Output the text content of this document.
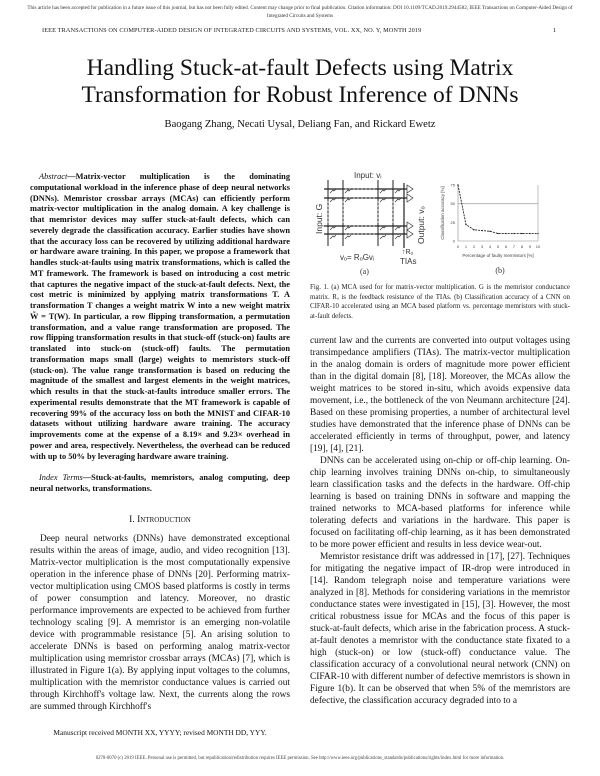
This article has been accepted for publication in a future issue of this journal, but has not been fully edited. Content may change prior to final publication. Citation information: DOI 10.1109/TCAD.2019.2944582, IEEE Transactions on Computer-Aided Design of Integrated Circuits and Systems
IEEE TRANSACTIONS ON COMPUTER-AIDED DESIGN OF INTEGRATED CIRCUITS AND SYSTEMS, VOL. XX, NO. Y, MONTH 2019	1
Handling Stuck-at-fault Defects using Matrix Transformation for Robust Inference of DNNs
Baogang Zhang, Necati Uysal, Deliang Fan, and Rickard Ewetz

Abstract—Matrix-vector multiplication is the dominating computational workload in the inference phase of deep neural networks (DNNs). Memristor crossbar arrays (MCAs) can efficiently perform matrix-vector multiplication in the analog domain. A key challenge is that memristor devices may suffer stuck-at-fault defects, which can severely degrade the classification accuracy. Earlier studies have shown that the accuracy loss can be recovered by utilizing additional hardware or hardware aware training. In this paper, we propose a framework that handles stuck-at-faults using matrix transformations, which is called the MT framework. The framework is based on introducing a cost metric that captures the negative impact of the stuck-at-fault defects. Next, the cost metric is minimized by applying matrix transformations T. A transformation T changes a weight matrix W into a new weight matrix W̃ = T(W). In particular, a row flipping transformation, a permutation transformation, and a value range transformation are proposed. The row flipping transformation results in that stuck-off (stuck-on) faults are translated into stuck-on (stuck-off) faults. The permutation transformation maps small (large) weights to memristors stuck-off (stuck-on). The value range transformation is based on reducing the magnitude of the smallest and largest elements in the weight matrices, which results in that the stuck-at-faults introduce smaller errors. The experimental results demonstrate that the MT framework is capable of recovering 99% of the accuracy loss on both the MNIST and CIFAR-10 datasets without utilizing hardware aware training. The accuracy improvements come at the expense of a 8.19× and 9.23× overhead in power and area, respectively. Nevertheless, the overhead can be reduced with up to 50% by leveraging hardware aware training.

Index Terms—Stuck-at-faults, memristors, analog computing, deep neural networks, transformations.

I. Introduction

Deep neural networks (DNNs) have demonstrated exceptional results within the areas of image, audio, and video recognition [13]. Matrix-vector multiplication is the most computationally expensive operation in the inference phase of DNNs [20]. Performing matrix-vector multiplication using CMOS based platforms is costly in terms of power consumption and latency. Moreover, no drastic performance improvements are expected to be achieved from further technology scaling [9]. A memristor is an emerging non-volatile device with programmable resistance [5]. An arising solution to accelerate DNNs is based on performing analog matrix-vector multiplication using memristor crossbar arrays (MCAs) [7], which is illustrated in Figure 1(a). By applying input voltages to the columns, multiplication with the memristor conductance values is carried out through Kirchhoff's voltage law. Next, the currents along the rows are summed through Kirchhoff's

Manuscript received MONTH XX, YYYY; revised MONTH DD, YYY.
Input: vᵢ
Input: G	Output: vₒ
vₒ= RₒGvᵢ
↑Rₒ
TIAs
(a)	(b)
0 1 2 3 4 5 6 7 8 9 10
0
25
50
75
Percentage of faulty memristors [%]
Classification accuracy [%]
Fig. 1. (a) MCA used for for matrix-vector multiplication. G is the memristor conductance matrix. Rₒ is the feedback resistance of the TIAs. (b) Classification accuracy of a CNN on CIFAR-10 accelerated using an MCA based platform vs. percentage memristors with stuck-at-fault defects.

current law and the currents are converted into output voltages using transimpedance amplifiers (TIAs). The matrix-vector multiplication in the analog domain is orders of magnitude more power efficient than in the digital domain [8], [18]. Moreover, the MCAs allow the weight matrices to be stored in-situ, which avoids expensive data movement, i.e., the bottleneck of the von Neumann architecture [24]. Based on these promising properties, a number of architectural level studies have demonstrated that the inference phase of DNNs can be accelerated efficiently in terms of throughput, power, and latency [19], [4], [21].

DNNs can be accelerated using on-chip or off-chip learning. On-chip learning involves training DNNs on-chip, to simultaneously learn classification tasks and the defects in the hardware. Off-chip learning is based on training DNNs in software and mapping the trained networks to MCA-based platforms for inference while tolerating defects and variations in the hardware. This paper is focused on facilitating off-chip learning, as it has been demonstrated to be more power efficient and results in less device wear-out.

Memristor resistance drift was addressed in [17], [27]. Techniques for mitigating the negative impact of IR-drop were introduced in [14]. Random telegraph noise and temperature variations were analyzed in [8]. Methods for considering variations in the memristor conductance states were investigated in [15], [3]. However, the most critical robustness issue for MCAs and the focus of this paper is stuck-at-fault defects, which arise in the fabrication process. A stuck-at-fault denotes a memristor with the conductance state fixated to a high (stuck-on) or low (stuck-off) conductance value. The classification accuracy of a convolutional neural network (CNN) on CIFAR-10 with different number of defective memristors is shown in Figure 1(b). It can be observed that when 5% of the memristors are defective, the classification accuracy degraded into to a

0278-0070 (c) 2019 IEEE. Personal use is permitted, but republication/redistribution requires IEEE permission. See http://www.ieee.org/publications_standards/publications/rights/index.html for more information.
